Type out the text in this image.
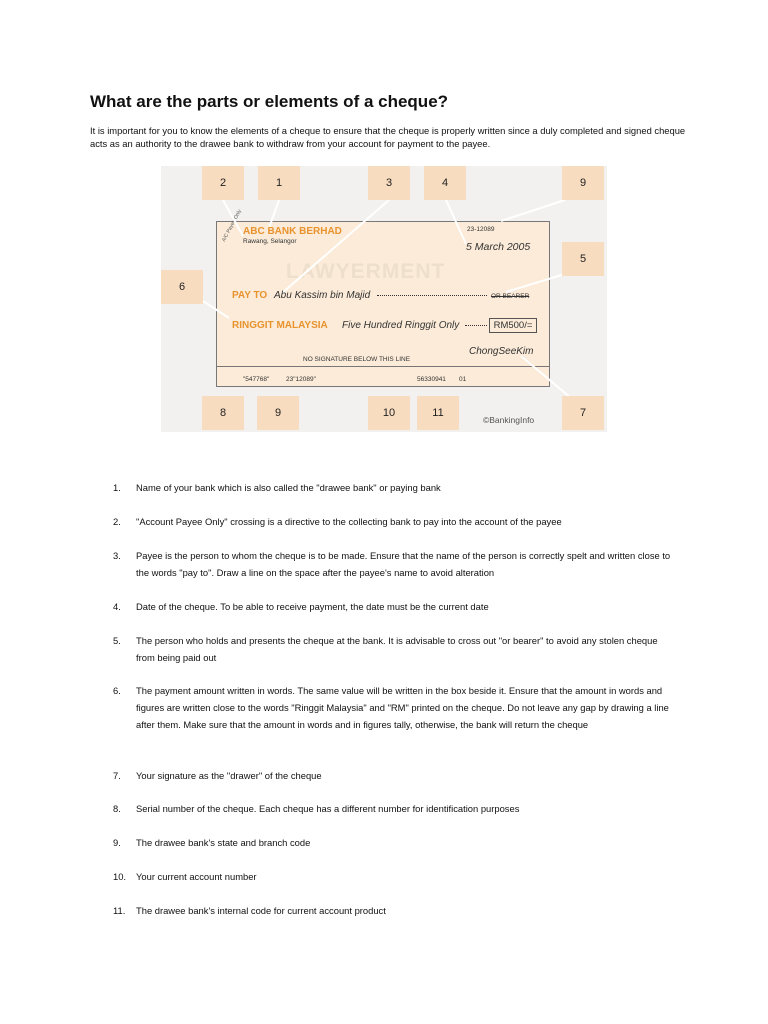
What are the parts or elements of a cheque?

It is important for you to know the elements of a cheque to ensure that the cheque is properly written since a duly completed and signed cheque acts as an authority to the drawee bank to withdraw from your account for payment to the payee.

LAWYERMENT
A/C Payee Only
2	1	3	4	9
5
6
8	9	10	11	7
ABC BANK BERHAD
Rawang, Selangor
23-12089
5 March 2005
PAY TO Abu Kassim bin Majid	OR BEARER
RINGGIT MALAYSIA Five Hundred Ringgit Only	RM500/=
ChongSeeKim
NO SIGNATURE BELOW THIS LINE
"547768"	23"12089"	56330941 01
©BankingInfo
1. Name of your bank which is also called the "drawee bank" or paying bank
2. "Account Payee Only" crossing is a directive to the collecting bank to pay into the account of the payee
3. Payee is the person to whom the cheque is to be made. Ensure that the name of the person is correctly spelt and written close to the words "pay to". Draw a line on the space after the payee's name to avoid alteration
4. Date of the cheque. To be able to receive payment, the date must be the current date
5. The person who holds and presents the cheque at the bank. It is advisable to cross out "or bearer" to avoid any stolen cheque from being paid out
6. The payment amount written in words. The same value will be written in the box beside it. Ensure that the amount in words and figures are written close to the words "Ringgit Malaysia" and "RM" printed on the cheque. Do not leave any gap by drawing a line after them. Make sure that the amount in words and in figures tally, otherwise, the bank will return the cheque
7. Your signature as the "drawer" of the cheque
8. Serial number of the cheque. Each cheque has a different number for identification purposes
9. The drawee bank's state and branch code
10. Your current account number
11. The drawee bank's internal code for current account product
